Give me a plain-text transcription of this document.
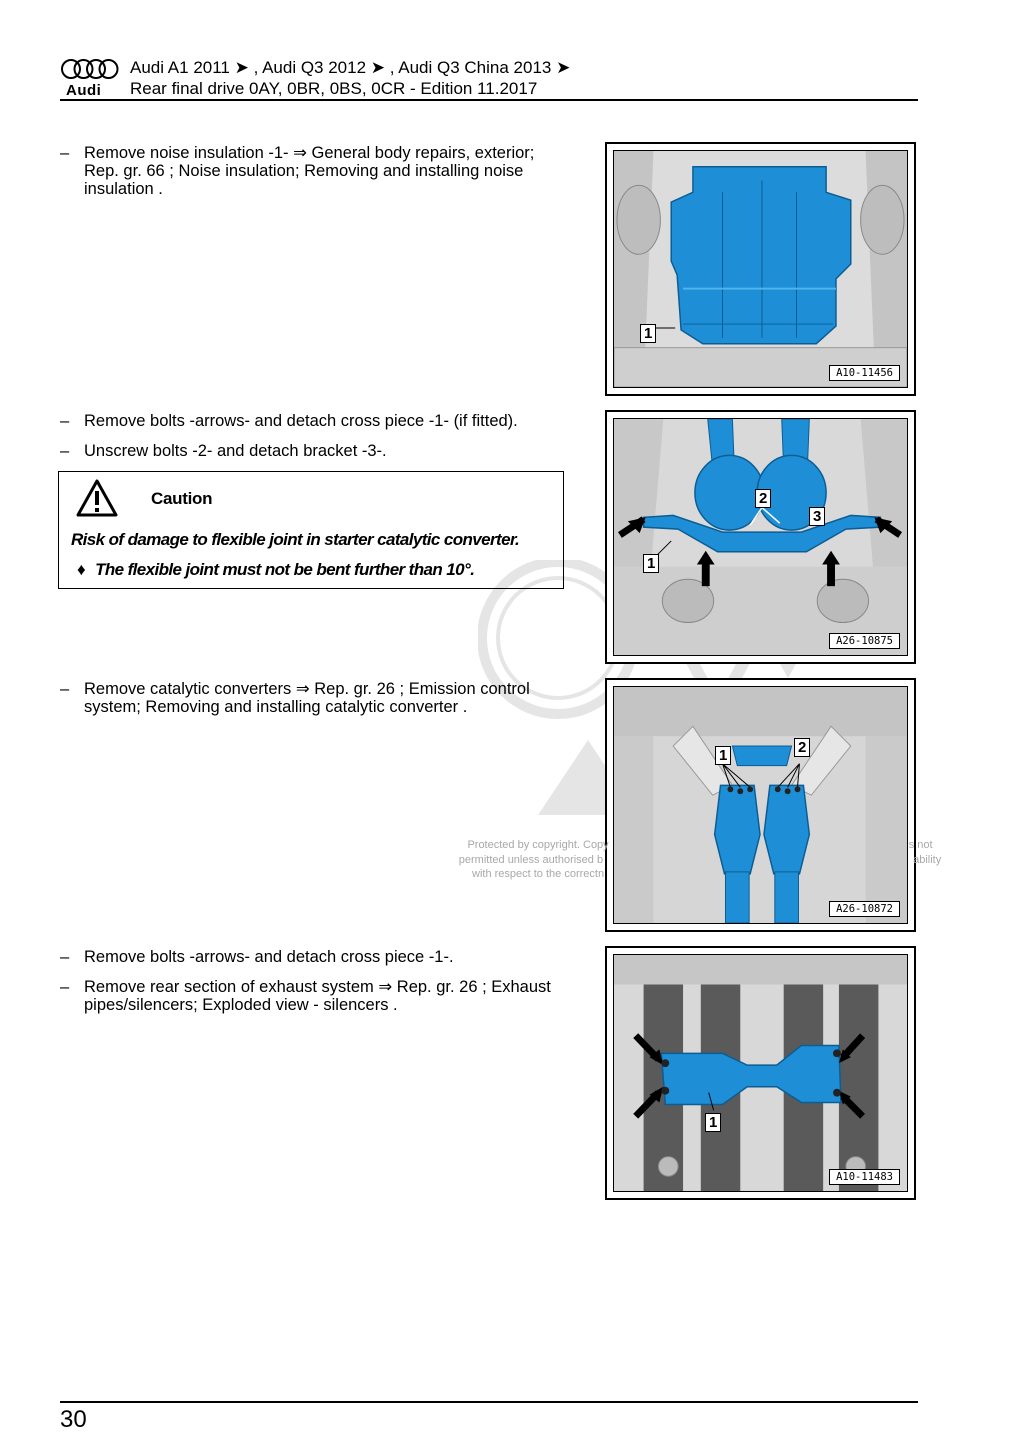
Audi
Audi A1 2011 ➤ , Audi Q3 2012 ➤ , Audi Q3 China 2013 ➤
Rear final drive 0AY, 0BR, 0BS, 0CR - Edition 11.2017
– Remove noise insulation -1- ⇒ General body repairs, exterior; Rep. gr. 66 ; Noise insulation; Removing and installing noise insulation .
1
A10-11456
– Remove bolts -arrows- and detach cross piece -1- (if fitted).
– Unscrew bolts -2- and detach bracket -3-.
Caution
Risk of damage to flexible joint in starter catalytic converter.
♦ The flexible joint must not be bent further than 10°.	1
2
3
A26-10875
– Remove catalytic converters ⇒ Rep. gr. 26 ; Emission control system; Removing and installing catalytic converter .
1	2
A26-10872
Protected by copyright. Copy	s not
permitted unless authorised b	ability
with respect to the correctn
– Remove bolts -arrows- and detach cross piece -1-.
– Remove rear section of exhaust system ⇒ Rep. gr. 26 ; Exhaust pipes/silencers; Exploded view - silencers .
1
A10-11483
30
